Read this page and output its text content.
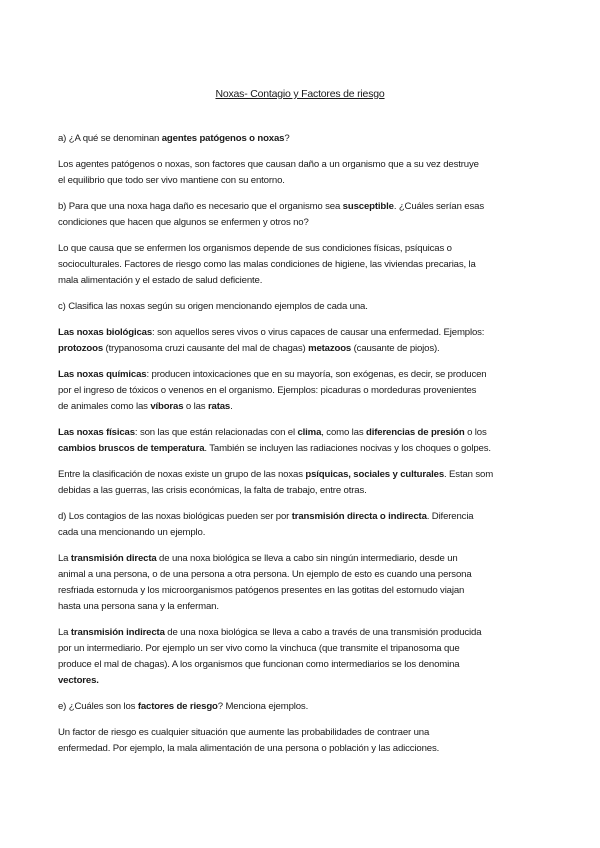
Noxas- Contagio y Factores de riesgo
a) ¿A qué se denominan agentes patógenos o noxas?
Los agentes patógenos o noxas, son factores que causan daño a un organismo que a su vez destruye
el equilibrio que todo ser vivo mantiene con su entorno.
b) Para que una noxa haga daño es necesario que el organismo sea susceptible. ¿Cuáles serían esas
condiciones que hacen que algunos se enfermen y otros no?
Lo que causa que se enfermen los organismos depende de sus condiciones físicas, psíquicas o
socioculturales. Factores de riesgo como las malas condiciones de higiene, las viviendas precarias, la
mala alimentación y el estado de salud deficiente.
c) Clasifica las noxas según su origen mencionando ejemplos de cada una.
Las noxas biológicas: son aquellos seres vivos o virus capaces de causar una enfermedad. Ejemplos:
protozoos (trypanosoma cruzi causante del mal de chagas) metazoos (causante de piojos).
Las noxas químicas: producen intoxicaciones que en su mayoría, son exógenas, es decir, se producen
por el ingreso de tóxicos o venenos en el organismo. Ejemplos: picaduras o mordeduras provenientes
de animales como las víboras o las ratas.
Las noxas físicas: son las que están relacionadas con el clima, como las diferencias de presión o los
cambios bruscos de temperatura. También se incluyen las radiaciones nocivas y los choques o golpes.
Entre la clasificación de noxas existe un grupo de las noxas psíquicas, sociales y culturales. Estan som
debidas a las guerras, las crisis económicas, la falta de trabajo, entre otras.
d) Los contagios de las noxas biológicas pueden ser por transmisión directa o indirecta. Diferencia
cada una mencionando un ejemplo.
La transmisión directa de una noxa biológica se lleva a cabo sin ningún intermediario, desde un
animal a una persona, o de una persona a otra persona. Un ejemplo de esto es cuando una persona
resfriada estornuda y los microorganismos patógenos presentes en las gotitas del estornudo viajan
hasta una persona sana y la enferman.
La transmisión indirecta de una noxa biológica se lleva a cabo a través de una transmisión producida
por un intermediario. Por ejemplo un ser vivo como la vinchuca (que transmite el tripanosoma que
produce el mal de chagas). A los organismos que funcionan como intermediarios se los denomina
vectores.
e) ¿Cuáles son los factores de riesgo? Menciona ejemplos.
Un factor de riesgo es cualquier situación que aumente las probabilidades de contraer una
enfermedad. Por ejemplo, la mala alimentación de una persona o población y las adicciones.
